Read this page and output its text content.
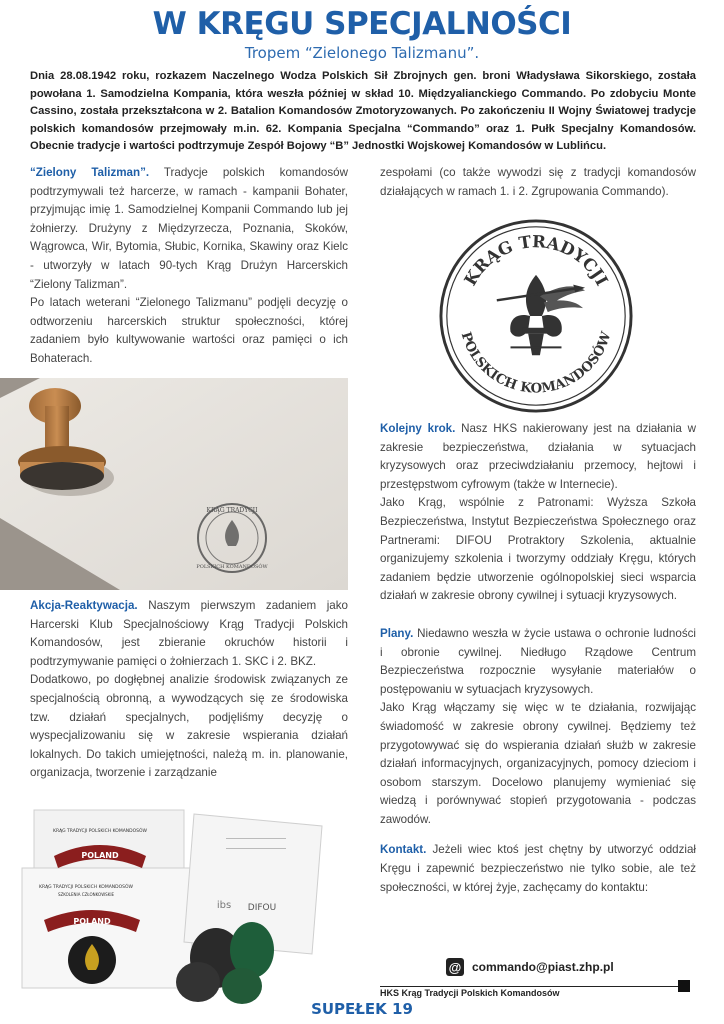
W KRĘGU SPECJALNOŚCI
Tropem “Zielonego Talizmanu”.
Dnia 28.08.1942 roku, rozkazem Naczelnego Wodza Polskich Sił Zbrojnych gen. broni Władysława Sikorskiego, została powołana 1. Samodzielna Kompania, która weszła później w skład 10. Międzyalianckiego Commando. Po zdobyciu Monte Cassino, została przekształcona w 2. Batalion Komandosów Zmotoryzowanych. Po zakończeniu II Wojny Światowej tradycje polskich komandosów przejmowały m.in. 62. Kompania Specjalna “Commando” oraz 1. Pułk Specjalny Komandosów. Obecnie tradycje i wartości podtrzymuje Zespół Bojowy “B” Jednostki Wojskowej Komandosów w Lublińcu.

“Zielony Talizman”. Tradycje polskich komandosów podtrzymywali też harcerze, w ramach - kampanii Bohater, przyjmując imię 1. Samodzielnej Kompanii Commando lub jej żołnierzy. Drużyny z Międzyrzecza, Poznania, Skoków, Wągrowca, Wir, Bytomia, Słubic, Kornika, Skawiny oraz Kielc - utworzyły w latach 90-tych Krąg Drużyn Harcerskich “Zielony Talizman”.

Po latach weterani “Zielonego Talizmanu” podjęli decyzję o odtworzeniu harcerskich struktur społeczności, której zadaniem było kultywowanie wartości oraz pamięci o ich Bohaterach.

KRĄG TRADYCJI
POLSKICH KOMANDOSÓW

Akcja-Reaktywacja. Naszym pierwszym zadaniem jako Harcerski Klub Specjalnościowy Krąg Tradycji Polskich Komandosów, jest zbieranie okruchów historii i podtrzymywanie pamięci o żołnierzach 1. SKC i 2. BKZ.

Dodatkowo, po dogłębnej analizie środowisk związanych ze specjalnością obronną, a wywodzących się ze środowiska tzw. działań specjalnych, podjęliśmy decyzję o wyspecjalizowaniu się w zakresie wspierania działań lokalnych. Do takich umiejętności, należą m. in. planowanie, organizacja, tworzenie i zarządzanie

DIFOU
ibs
KRĄG TRADYCJI POLSKICH KOMANDOSÓW
POLAND
KRĄG TRADYCJI POLSKICH KOMANDOSÓW
SZKOLENIA CZŁONKOWSKIE
POLAND

zespołami (co także wywodzi się z tradycji komandosów działających w ramach 1. i 2. Zgrupowania Commando).

KRĄG TRADYCJI
POLSKICH KOMANDOSÓW

Kolejny krok. Nasz HKS nakierowany jest na działania w zakresie bezpieczeństwa, działania w sytuacjach kryzysowych oraz przeciwdziałaniu przemocy, hejtowi i przestępstwom cyfrowym (także w Internecie).

Jako Krąg, wspólnie z Patronami: Wyższa Szkoła Bezpieczeństwa, Instytut Bezpieczeństwa Społecznego oraz Partnerami: DIFOU Protraktory Szkolenia, aktualnie organizujemy szkolenia i tworzymy oddziały Kręgu, których zadaniem będzie utworzenie ogólnopolskiej sieci wsparcia działań w zakresie obrony cywilnej i sytuacji kryzysowych.

Plany. Niedawno weszła w życie ustawa o ochronie ludności i obronie cywilnej. Niedługo Rządowe Centrum Bezpieczeństwa rozpocznie wysyłanie materiałów o postępowaniu w sytuacjach kryzysowych.

Jako Krąg włączamy się więc w te działania, rozwijając świadomość w zakresie obrony cywilnej. Będziemy też przygotowywać się do wspierania działań służb w zakresie działań informacyjnych, organizacyjnych, pomocy dzieciom i osobom starszym. Docelowo planujemy wymieniać się wiedzą i porównywać stopień przygotowania - podczas zawodów.

Kontakt. Jeżeli wiec ktoś jest chętny by utworzyć oddział Kręgu i zapewnić bezpieczeństwo nie tylko sobie, ale też społeczności, w której żyje, zachęcamy do kontaktu:

@ commando@piast.zhp.pl
HKS Krąg Tradycji Polskich Komandosów
SUPEŁEK 19
